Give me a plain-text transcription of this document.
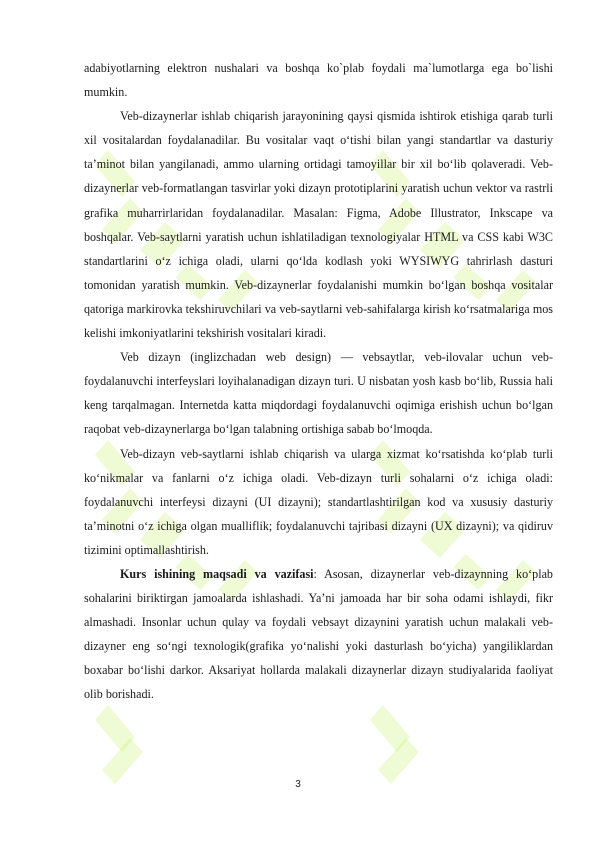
adabiyotlarning elektron nushalari va boshqa ko`plab foydali ma`lumotlarga ega bo`lishi mumkin.

Veb-dizaynerlar ishlab chiqarish jarayonining qaysi qismida ishtirok etishiga qarab turli xil vositalardan foydalanadilar. Bu vositalar vaqt o‘tishi bilan yangi standartlar va dasturiy ta’minot bilan yangilanadi, ammo ularning ortidagi tamoyillar bir xil bo‘lib qolaveradi. Veb-dizaynerlar veb-formatlangan tasvirlar yoki dizayn prototiplarini yaratish uchun vektor va rastrli grafika muharrirlaridan foydalanadilar. Masalan: Figma, Adobe Illustrator, Inkscape va boshqalar. Veb-saytlarni yaratish uchun ishlatiladigan texnologiyalar HTML va CSS kabi W3C standartlarini o‘z ichiga oladi, ularni qo‘lda kodlash yoki WYSIWYG tahrirlash dasturi tomonidan yaratish mumkin. Veb-dizaynerlar foydalanishi mumkin bo‘lgan boshqa vositalar qatoriga markirovka tekshiruvchilari va veb-saytlarni veb-sahifalarga kirish ko‘rsatmalariga mos kelishi imkoniyatlarini tekshirish vositalari kiradi.

Veb dizayn (inglizchadan web design) — vebsaytlar, veb-ilovalar uchun veb-foydalanuvchi interfeyslari loyihalanadigan dizayn turi. U nisbatan yosh kasb bo‘lib, Russia hali keng tarqalmagan. Internetda katta miqdordagi foydalanuvchi oqimiga erishish uchun bo‘lgan raqobat veb-dizaynerlarga bo‘lgan talabning ortishiga sabab bo‘lmoqda.

Veb-dizayn veb-saytlarni ishlab chiqarish va ularga xizmat ko‘rsatishda ko‘plab turli ko‘nikmalar va fanlarni o‘z ichiga oladi. Veb-dizayn turli sohalarni o‘z ichiga oladi: foydalanuvchi interfeysi dizayni (UI dizayni); standartlashtirilgan kod va xususiy dasturiy ta’minotni o‘z ichiga olgan mualliflik; foydalanuvchi tajribasi dizayni (UX dizayni); va qidiruv tizimini optimallashtirish.

Kurs ishining maqsadi va vazifasi: Asosan, dizaynerlar veb-dizaynning ko‘plab sohalarini biriktirgan jamoalarda ishlashadi. Ya’ni jamoada har bir soha odami ishlaydi, fikr almashadi. Insonlar uchun qulay va foydali vebsayt dizaynini yaratish uchun malakali veb-dizayner eng so‘ngi texnologik(grafika yo‘nalishi yoki dasturlash bo‘yicha) yangiliklardan boxabar bo‘lishi darkor. Aksariyat hollarda malakali dizaynerlar dizayn studiyalarida faoliyat olib borishadi.

3
